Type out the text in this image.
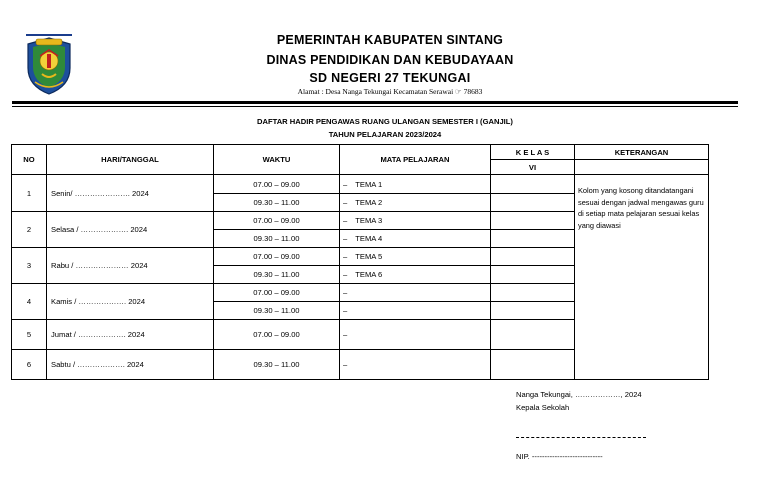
PEMERINTAH KABUPATEN SINTANG
DINAS PENDIDIKAN DAN KEBUDAYAAN
SD NEGERI 27 TEKUNGAI
Alamat : Desa Nanga Tekungai Kecamatan Serawai ☞ 78683
DAFTAR HADIR PENGAWAS RUANG ULANGAN SEMESTER I (GANJIL)
TAHUN PELAJARAN 2023/2024
NO	HARI/TANGGAL	WAKTU	MATA PELAJARAN	K E L A S	KETERANGAN
				VI	
1	Senin/ …………………. 2024	07.00 – 09.00	– TEMA 1		Kolom yang kosong ditandatangani sesuai dengan jadwal mengawas guru di setiap mata pelajaran sesuai kelas yang diawasi
		09.30 – 11.00	– TEMA 2		
2	Selasa / ………………. 2024	07.00 – 09.00	– TEMA 3		
		09.30 – 11.00	– TEMA 4		
3	Rabu / ………………… 2024	07.00 – 09.00	– TEMA 5		
		09.30 – 11.00	– TEMA 6		
4	Kamis / ………………. 2024	07.00 – 09.00	–		
		09.30 – 11.00	–		
5	Jumat / ………………. 2024	07.00 – 09.00	–		
6	Sabtu / ………………. 2024	09.30 – 11.00	–		
Nanga Tekungai, ………………, 2024
Kepala Sekolah
NIP. ----------------------------
